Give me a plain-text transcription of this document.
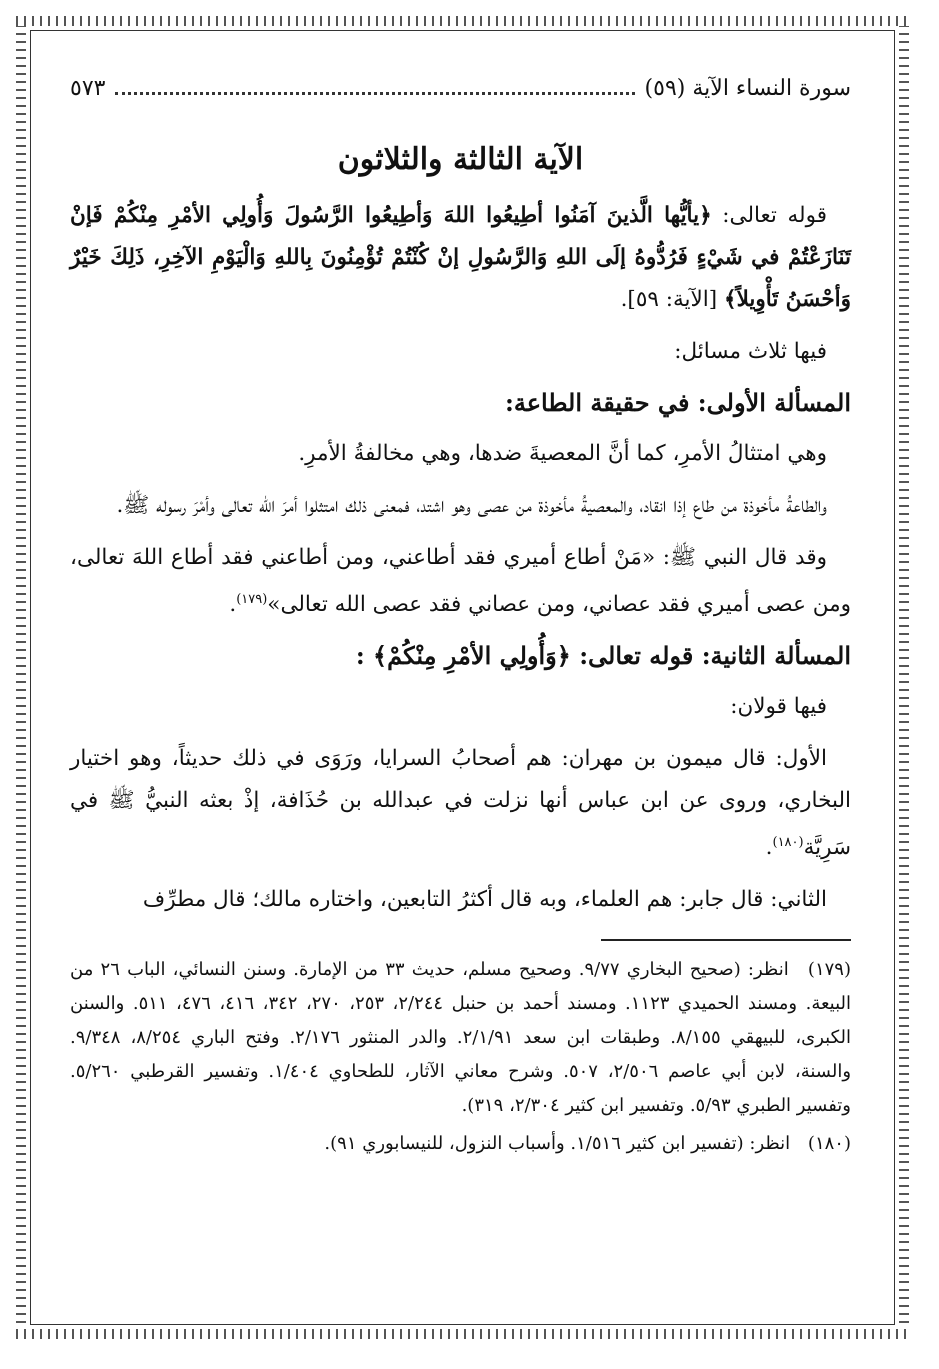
سورة النساء الآية (٥٩)
٥٧٣
الآية الثالثة والثلاثون

قوله تعالى: ﴿يأيُّها الَّذينَ آمَنُوا أطِيعُوا اللهَ وَأطِيعُوا الرَّسُولَ وَأُولِي الأمْرِ مِنْكُمْ فَإنْ تَنَازَعْتُمْ في شَيْءٍ فَرُدُّوهُ إلَى اللهِ وَالرَّسُولِ إنْ كُنْتُمْ تُؤْمِنُونَ بِاللهِ وَالْيَوْمِ الآخِرِ، ذَلِكَ خَيْرٌ وَأحْسَنُ تَأْوِيلاً﴾ [الآية: ٥٩].

فيها ثلاث مسائل:

المسألة الأولى: في حقيقة الطاعة:

وهي امتثالُ الأمرِ، كما أنَّ المعصيةَ ضدها، وهي مخالفةُ الأمرِ.

والطاعةُ مأخوذة من طاع إذا انقاد، والمعصيةُ مأخوذة من عصى وهو اشتد، فمعنى ذلك امتثلوا أمرَ الله تعالى وأمْرَ رسوله ﷺ.

وقد قال النبي ﷺ: «مَنْ أطاع أميري فقد أطاعني، ومن أطاعني فقد أطاع اللهَ تعالى، ومن عصى أميري فقد عصاني، ومن عصاني فقد عصى الله تعالى»$^{(١٧٩)}$.

المسألة الثانية: قوله تعالى: ﴿وَأُولِي الأمْرِ مِنْكُمْ﴾ :

فيها قولان:

الأول: قال ميمون بن مهران: هم أصحابُ السرايا، ورَوَى في ذلك حديثاً، وهو اختيار البخاري، وروى عن ابن عباس أنها نزلت في عبدالله بن حُذَافة، إذْ بعثه النبيُّ ﷺ في سَرِيَّة$^{(١٨٠)}$.

الثاني: قال جابر: هم العلماء، وبه قال أكثرُ التابعين، واختاره مالك؛ قال مطرِّف

(١٧٩) انظر: (صحيح البخاري ٩/٧٧. وصحيح مسلم، حديث ٣٣ من الإمارة. وسنن النسائي، الباب ٢٦ من البيعة. ومسند الحميدي ١١٢٣. ومسند أحمد بن حنبل ٢/٢٤٤، ٢٥٣، ٢٧٠، ٣٤٢، ٤١٦، ٤٧٦، ٥١١. والسنن الكبرى، للبيهقي ٨/١٥٥. وطبقات ابن سعد ٢/١/٩١. والدر المنثور ٢/١٧٦. وفتح الباري ٨/٢٥٤، ٩/٣٤٨. والسنة، لابن أبي عاصم ٢/٥٠٦، ٥٠٧. وشرح معاني الآثار، للطحاوي ١/٤٠٤. وتفسير القرطبي ٥/٢٦٠. وتفسير الطبري ٥/٩٣. وتفسير ابن كثير ٢/٣٠٤، ٣١٩).

(١٨٠) انظر: (تفسير ابن كثير ١/٥١٦. وأسباب النزول، للنيسابوري ٩١).
